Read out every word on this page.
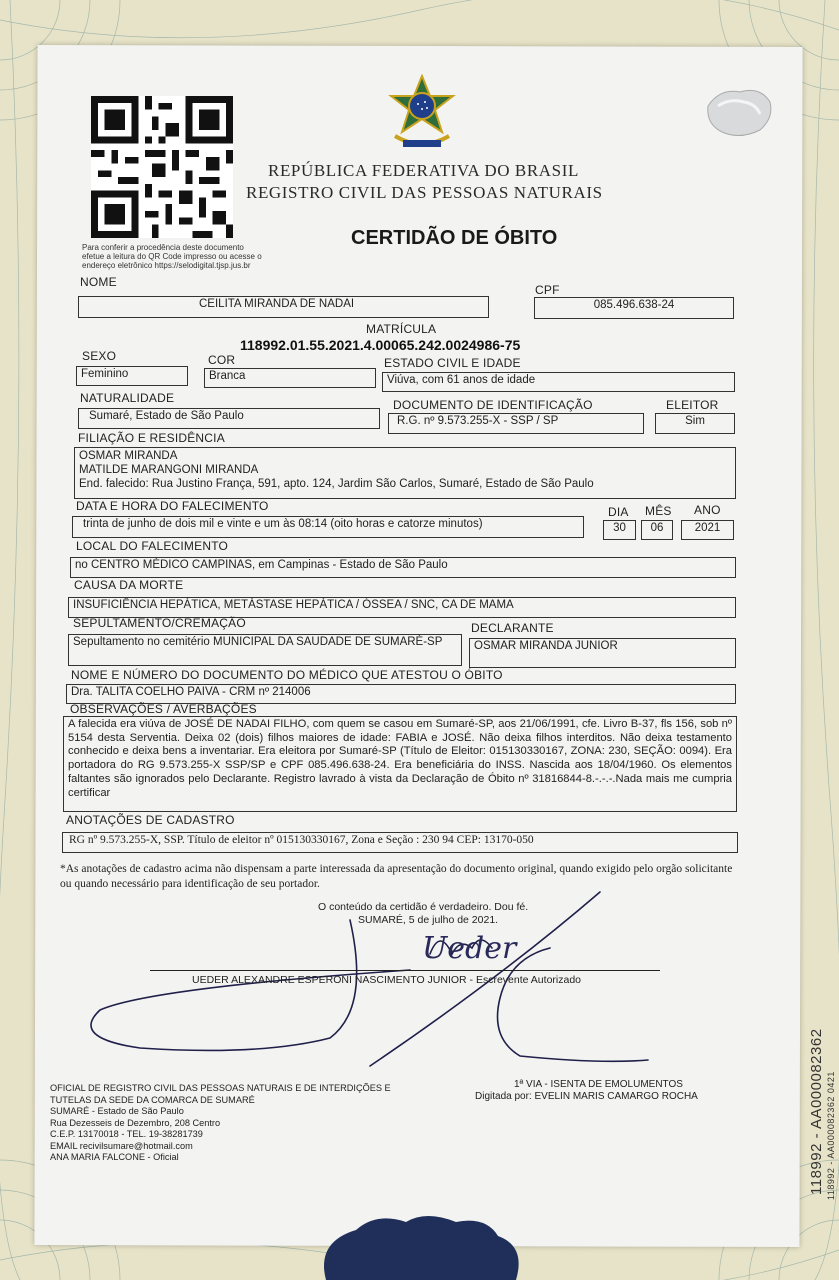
Para conferir a procedência deste documento efetue a leitura do QR Code impresso ou acesse o endereço eletrônico https://selodigital.tjsp.jus.br
REPÚBLICA FEDERATIVA DO BRASIL
REGISTRO CIVIL DAS PESSOAS NATURAIS
CERTIDÃO DE ÓBITO
NOME
CEILITA MIRANDA DE NADAI
CPF
085.496.638-24
MATRÍCULA
118992.01.55.2021.4.00065.242.0024986-75
SEXO
Feminino
COR
Branca
ESTADO CIVIL E IDADE
Viúva, com 61 anos de idade
NATURALIDADE
Sumaré, Estado de São Paulo
DOCUMENTO DE IDENTIFICAÇÃO
R.G. nº 9.573.255-X - SSP / SP
ELEITOR
Sim
FILIAÇÃO E RESIDÊNCIA
OSMAR MIRANDA
MATILDE MARANGONI MIRANDA
End. falecido: Rua Justino França, 591, apto. 124, Jardim São Carlos, Sumaré, Estado de São Paulo
DATA E HORA DO FALECIMENTO
trinta de junho de dois mil e vinte e um às 08:14 (oito horas e catorze minutos)
DIA
30
MÊS
06
ANO
2021
LOCAL DO FALECIMENTO
no CENTRO MÉDICO CAMPINAS, em Campinas - Estado de São Paulo
CAUSA DA MORTE
INSUFICIÊNCIA HEPÁTICA, METÁSTASE HEPÁTICA / ÓSSEA / SNC, CA DE MAMA
SEPULTAMENTO/CREMAÇÃO
Sepultamento no cemitério MUNICIPAL DA SAUDADE DE SUMARÉ-SP
DECLARANTE
OSMAR MIRANDA JUNIOR
NOME E NÚMERO DO DOCUMENTO DO MÉDICO QUE ATESTOU O ÓBITO
Dra. TALITA COELHO PAIVA - CRM nº 214006
OBSERVAÇÕES / AVERBAÇÕES
A falecida era viúva de JOSÉ DE NADAI FILHO, com quem se casou em Sumaré-SP, aos 21/06/1991, cfe. Livro B-37, fls 156, sob nº 5154 desta Serventia. Deixa 02 (dois) filhos maiores de idade: FABIA e JOSÉ. Não deixa filhos interditos. Não deixa testamento conhecido e deixa bens a inventariar. Era eleitora por Sumaré-SP (Título de Eleitor: 015130330167, ZONA: 230, SEÇÃO: 0094). Era portadora do RG 9.573.255-X SSP/SP e CPF 085.496.638-24. Era beneficiária do INSS. Nascida aos 18/04/1960. Os elementos faltantes são ignorados pelo Declarante. Registro lavrado à vista da Declaração de Óbito nº 31816844-8.-.-.-.Nada mais me cumpria certificar
ANOTAÇÕES DE CADASTRO
RG nº 9.573.255-X, SSP. Título de eleitor nº 015130330167, Zona e Seção : 230 94 CEP: 13170-050
*As anotações de cadastro acima não dispensam a parte interessada da apresentação do documento original, quando exigido pelo orgão solicitante ou quando necessário para identificação de seu portador.
O conteúdo da certidão é verdadeiro. Dou fé.
SUMARÉ, 5 de julho de 2021.
Ueder
UEDER ALEXANDRE ESPERONI NASCIMENTO JUNIOR - Escrevente Autorizado
OFICIAL DE REGISTRO CIVIL DAS PESSOAS NATURAIS E DE INTERDIÇÕES E
TUTELAS DA SEDE DA COMARCA DE SUMARÉ
SUMARÉ - Estado de São Paulo
Rua Dezesseis de Dezembro, 208 Centro
C.E.P. 13170018 - TEL. 19-38281739
EMAIL recivilsumare@hotmail.com
ANA MARIA FALCONE - Oficial
1ª VIA - ISENTA DE EMOLUMENTOS
Digitada por: EVELIN MARIS CAMARGO ROCHA	118992 - AA000082362 118992 - AA000082362 0421
